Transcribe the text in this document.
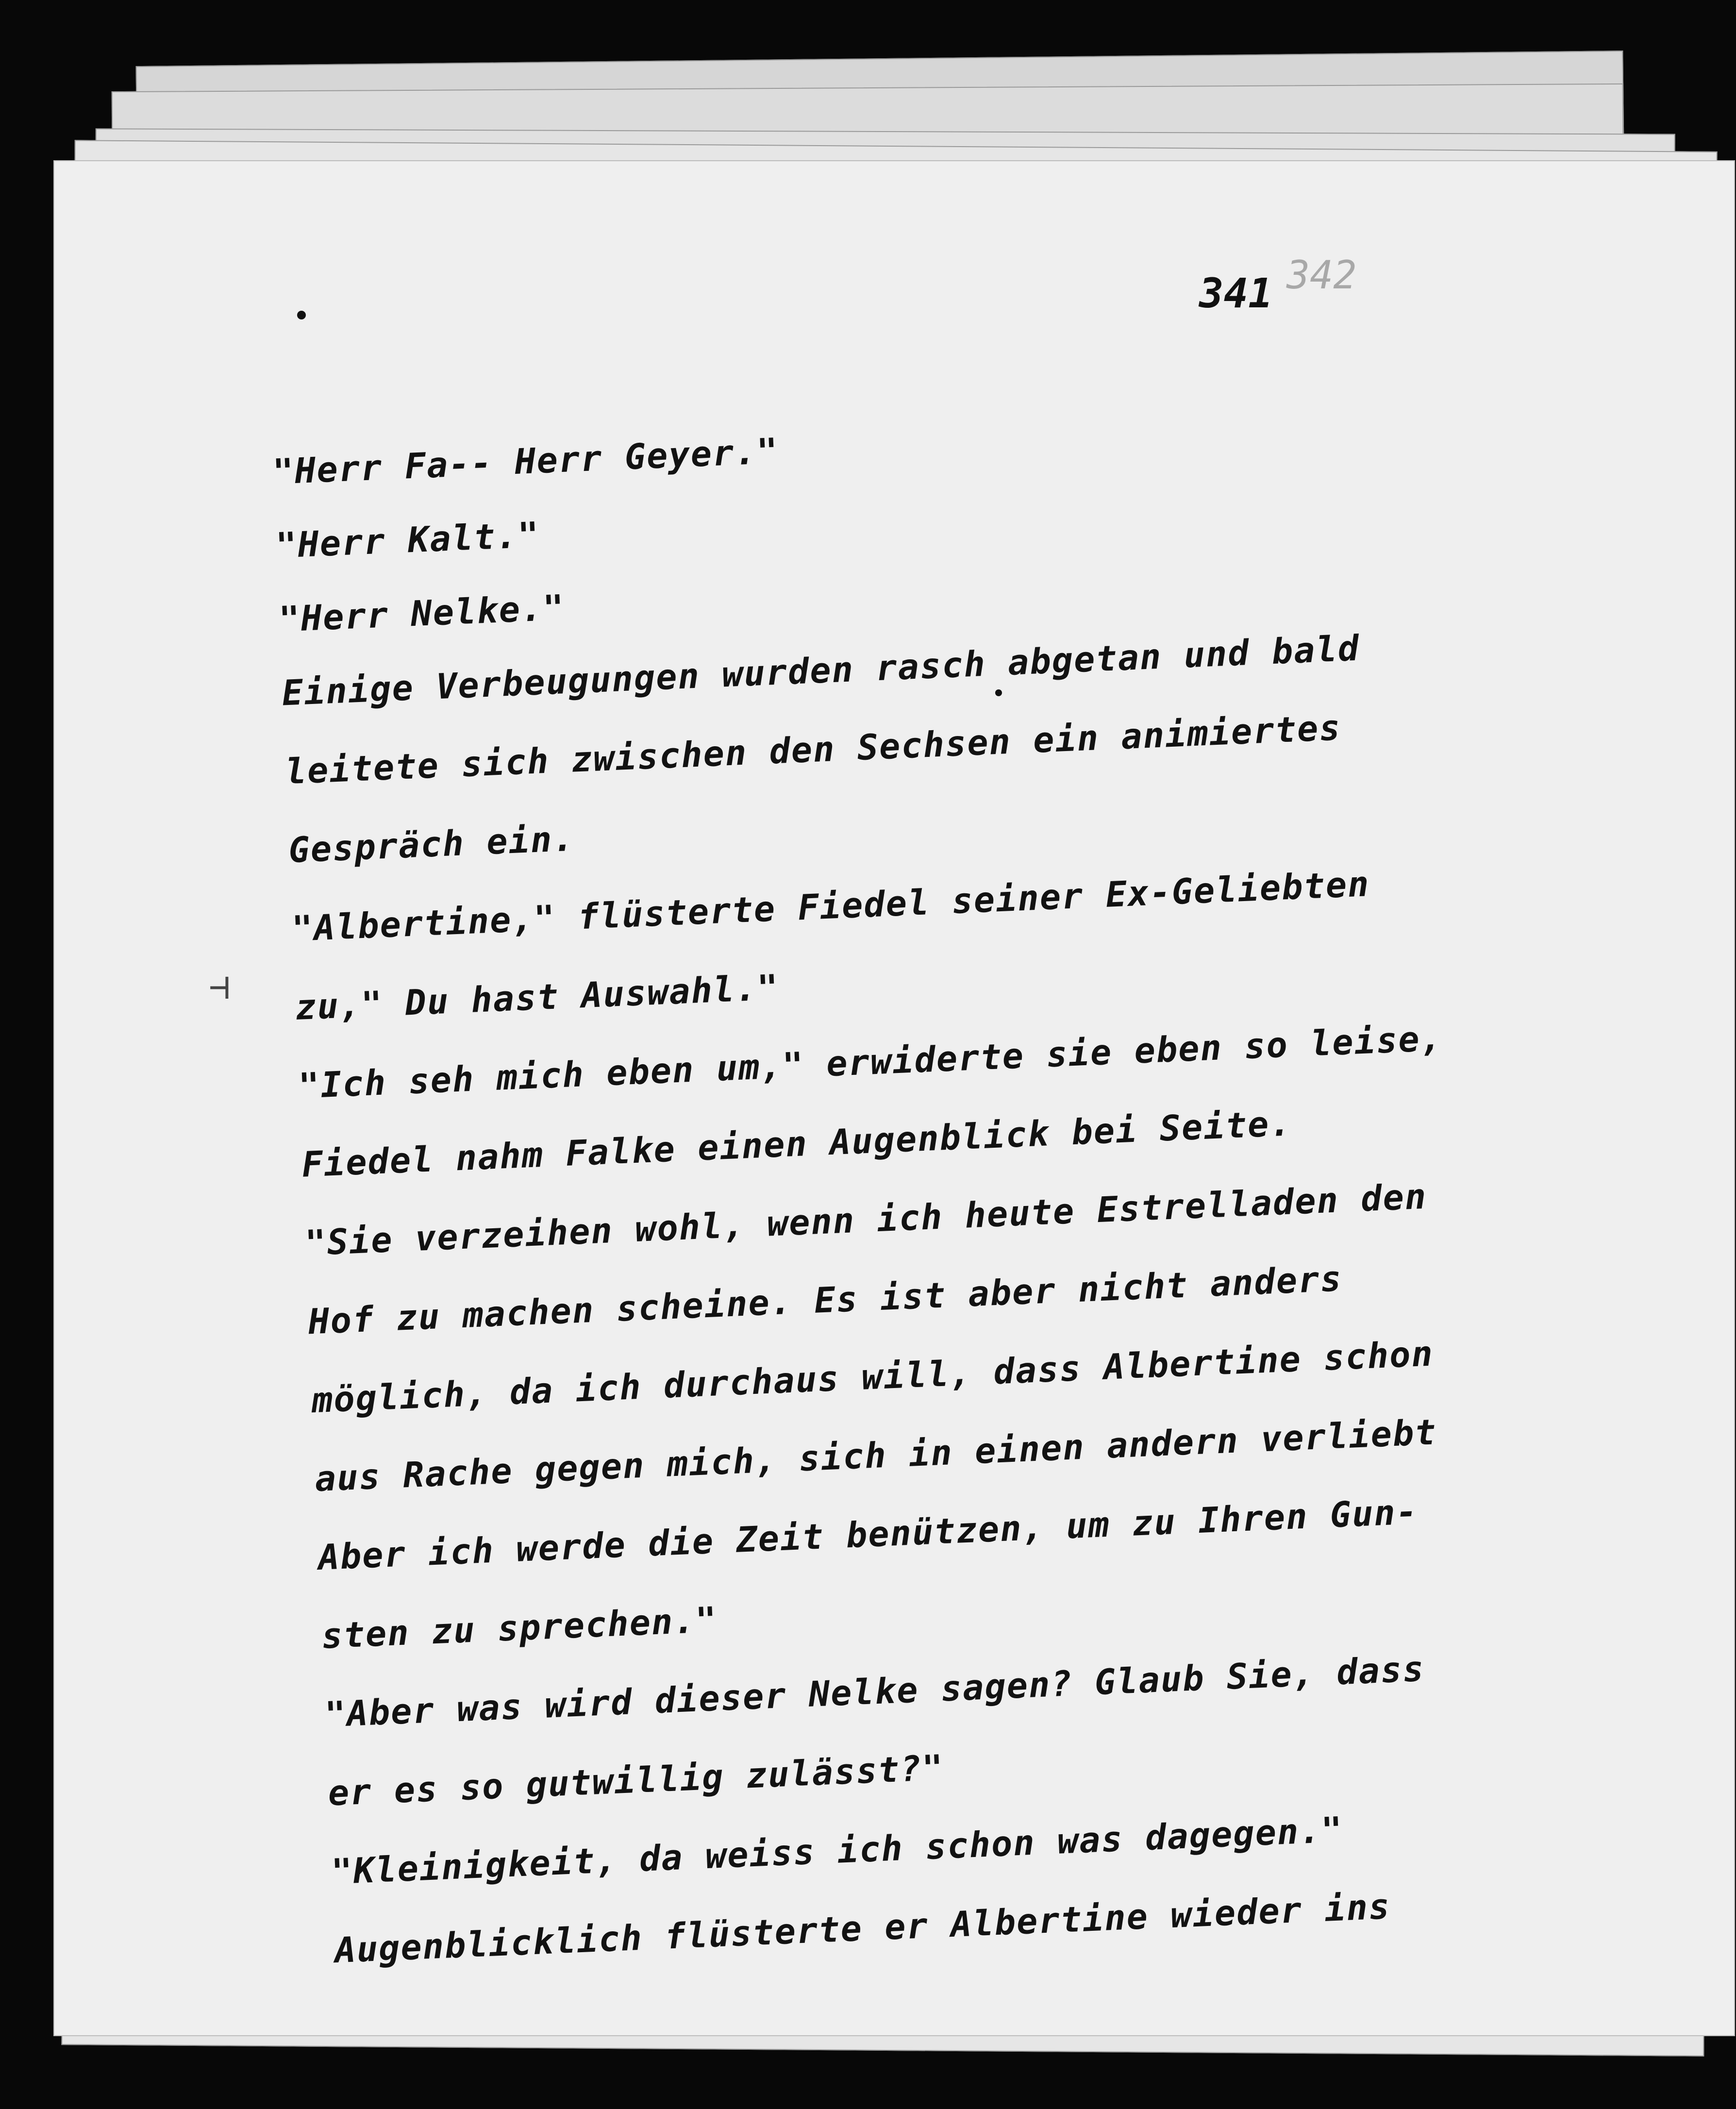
342
341
⊣
"Herr Fa-- Herr Geyer."
"Herr Kalt."
"Herr Nelke."
Einige Verbeugungen wurden rasch abgetan und bald
leitete sich zwischen den Sechsen ein animiertes
Gespräch ein.
"Albertine," flüsterte Fiedel seiner Ex-Geliebten
zu," Du hast Auswahl."
"Ich seh mich eben um," erwiderte sie eben so leise,
Fiedel nahm Falke einen Augenblick bei Seite.
"Sie verzeihen wohl, wenn ich heute Estrelladen den
Hof zu machen scheine. Es ist aber nicht anders
möglich, da ich durchaus will, dass Albertine schon
aus Rache gegen mich, sich in einen andern verliebt
Aber ich werde die Zeit benützen, um zu Ihren Gun-
sten zu sprechen."
"Aber was wird dieser Nelke sagen? Glaub Sie, dass
er es so gutwillig zulässt?"
"Kleinigkeit, da weiss ich schon was dagegen."
Augenblicklich flüsterte er Albertine wieder ins
